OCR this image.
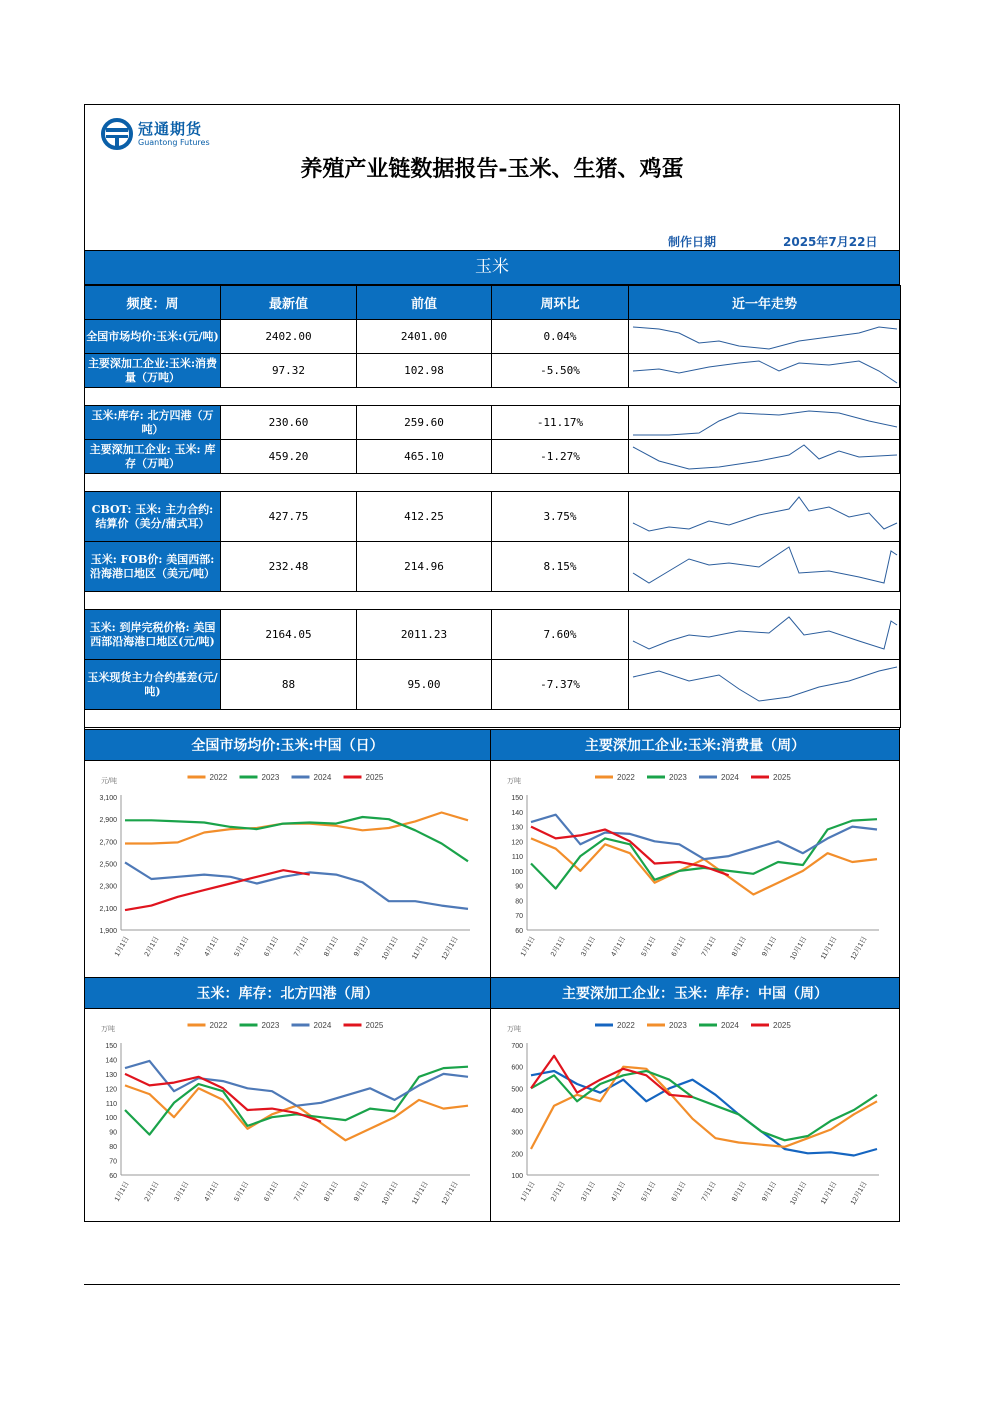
冠通期货
Guantong Futures
养殖产业链数据报告-玉米、生猪、鸡蛋
制作日期	2025年7月22日
玉米
频度：周	最新值	前值	周环比	近一年走势
全国市场均价:玉米:(元/吨)	2402.00	2401.00	0.04%	

主要深加工企业:玉米:消费量（万吨）	97.32	102.98	-5.50%	

玉米:库存: 北方四港（万吨）	230.60	259.60	-11.17%	

主要深加工企业: 玉米: 库存（万吨）	459.20	465.10	-1.27%	

CBOT: 玉米: 主力合约: 结算价（美分/蒲式耳）	427.75	412.25	3.75%	

玉米: FOB价: 美国西部: 沿海港口地区（美元/吨）	232.48	214.96	8.15%	

玉米: 到岸完税价格: 美国西部沿海港口地区(元/吨)	2164.05	2011.23	7.60%	

玉米现货主力合约基差(元/吨)	88	95.00	-7.37%	

全国市场均价:玉米:中国（日）	主要深加工企业:玉米:消费量（周）
玉米：库存：北方四港（周）	主要深加工企业：玉米：库存：中国（周）
2022	2023	2024	2025
元/吨
3,100
2,900
2,700
2,500
2,300
2,100
1,900
1月1日 2月1日 3月1日 4月1日 5月1日 6月1日 7月1日 8月1日 9月1日 10月1日 11月1日 12月1日
2022	2023	2024	2025
万吨
150
140
130
120
110
100
90
80
70
60
1月1日 2月1日 3月1日 4月1日 5月1日 6月1日 7月1日 8月1日 9月1日 10月1日 11月1日 12月1日
2022	2023	2024	2025
万吨
150
140
130
120
110
100
90
80
70
60
1月1日 2月1日 3月1日 4月1日 5月1日 6月1日 7月1日 8月1日 9月1日 10月1日 11月1日 12月1日
2022	2023	2024	2025
万吨
700
600
500
400
300
200
100
1月1日 2月1日 3月1日 4月1日 5月1日 6月1日 7月1日 8月1日 9月1日 10月1日 11月1日 12月1日
